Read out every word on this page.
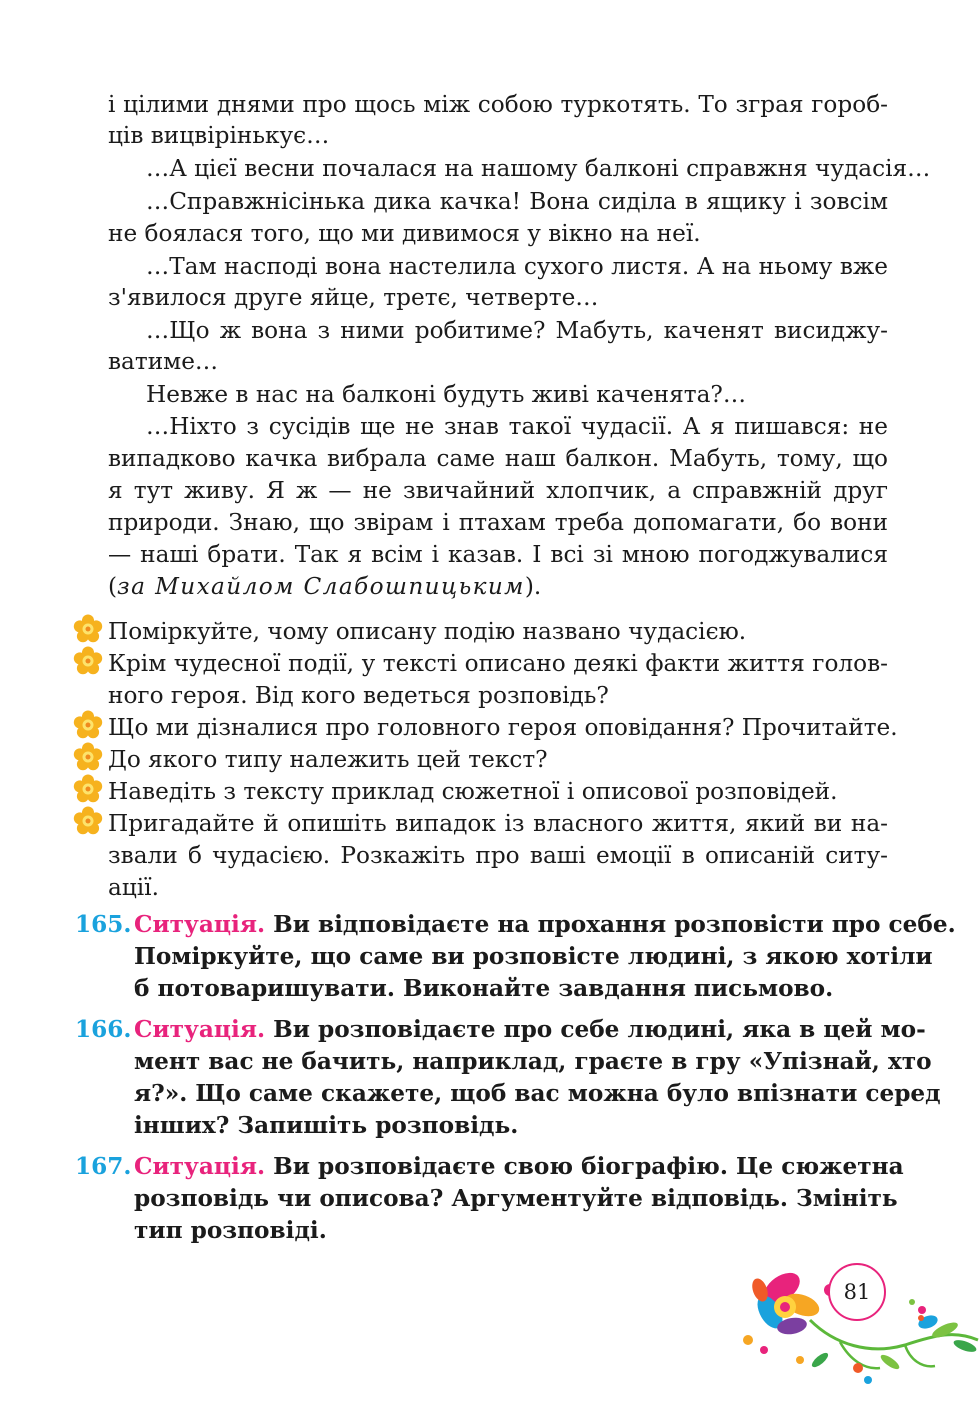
і цілими днями про щось між собою туркотять. То зграя гороб-
ців вицвірінькує…
…А цієї весни почалася на нашому балконі справжня чудасія…
…Справжнісінька дика качка! Вона сиділа в ящику і зовсім
не боялася того, що ми дивимося у вікно на неї.
…Там насподі вона настелила сухого листя. А на ньому вже
з'явилося друге яйце, третє, четверте…
…Що ж вона з ними робитиме? Мабуть, каченят висиджу-
ватиме…
Невже в нас на балконі будуть живі каченята?…
…Ніхто з сусідів ще не знав такої чудасії. А я пишався: не
випадково качка вибрала саме наш балкон. Мабуть, тому, що
я тут живу. Я ж — не звичайний хлопчик, а справжній друг
природи. Знаю, що звірам і птахам треба допомагати, бо вони
— наші брати. Так я всім і казав. І всі зі мною погоджувалися
(за Михайлом Слабошпицьким).
Поміркуйте, чому описану подію названо чудасією.
Крім чудесної події, у тексті описано деякі факти життя голов-
ного героя. Від кого ведеться розповідь?
Що ми дізналися про головного героя оповідання? Прочитайте.
До якого типу належить цей текст?
Наведіть з тексту приклад сюжетної і описової розповідей.
Пригадайте й опишіть випадок із власного життя, який ви на-
звали б чудасією. Розкажіть про ваші емоції в описаній ситу-
ації.
165. Ситуація. Ви відповідаєте на прохання розповісти про себе.
Поміркуйте, що саме ви розповісте людині, з якою хотіли
б потоваришувати. Виконайте завдання письмово.
166. Ситуація. Ви розповідаєте про себе людині, яка в цей мо-
мент вас не бачить, наприклад, граєте в гру «Упізнай, хто
я?». Що саме скажете, щоб вас можна було впізнати серед
інших? Запишіть розповідь.
167. Ситуація. Ви розповідаєте свою біографію. Це сюжетна
розповідь чи описова? Аргументуйте відповідь. Змініть
тип розповіді.
81
